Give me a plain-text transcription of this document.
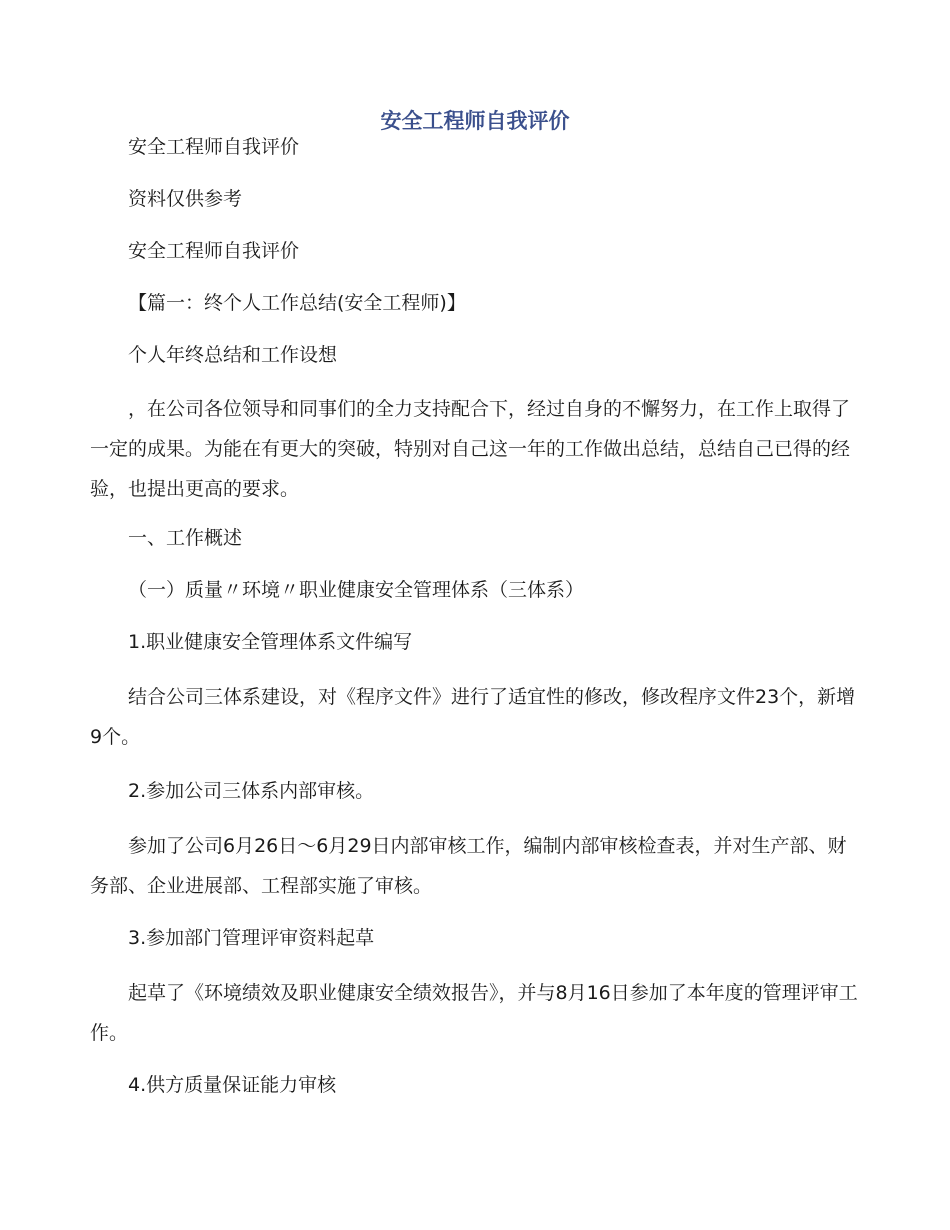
安全工程师自我评价

安全工程师自我评价

资料仅供参考

安全工程师自我评价

【篇一：终个人工作总结(安全工程师)】

个人年终总结和工作设想

，在公司各位领导和同事们的全力支持配合下，经过自身的不懈努力，在工作上取得了一定的成果。为能在有更大的突破，特别对自己这一年的工作做出总结，总结自己已得的经验，也提出更高的要求。

一、工作概述

（一）质量〃环境〃职业健康安全管理体系（三体系）

1.职业健康安全管理体系文件编写

结合公司三体系建设，对《程序文件》进行了适宜性的修改，修改程序文件23个，新增9个。

2.参加公司三体系内部审核。

参加了公司6月26日～6月29日内部审核工作，编制内部审核检查表，并对生产部、财务部、企业进展部、工程部实施了审核。

3.参加部门管理评审资料起草

起草了《环境绩效及职业健康安全绩效报告》，并与8月16日参加了本年度的管理评审工作。

4.供方质量保证能力审核
